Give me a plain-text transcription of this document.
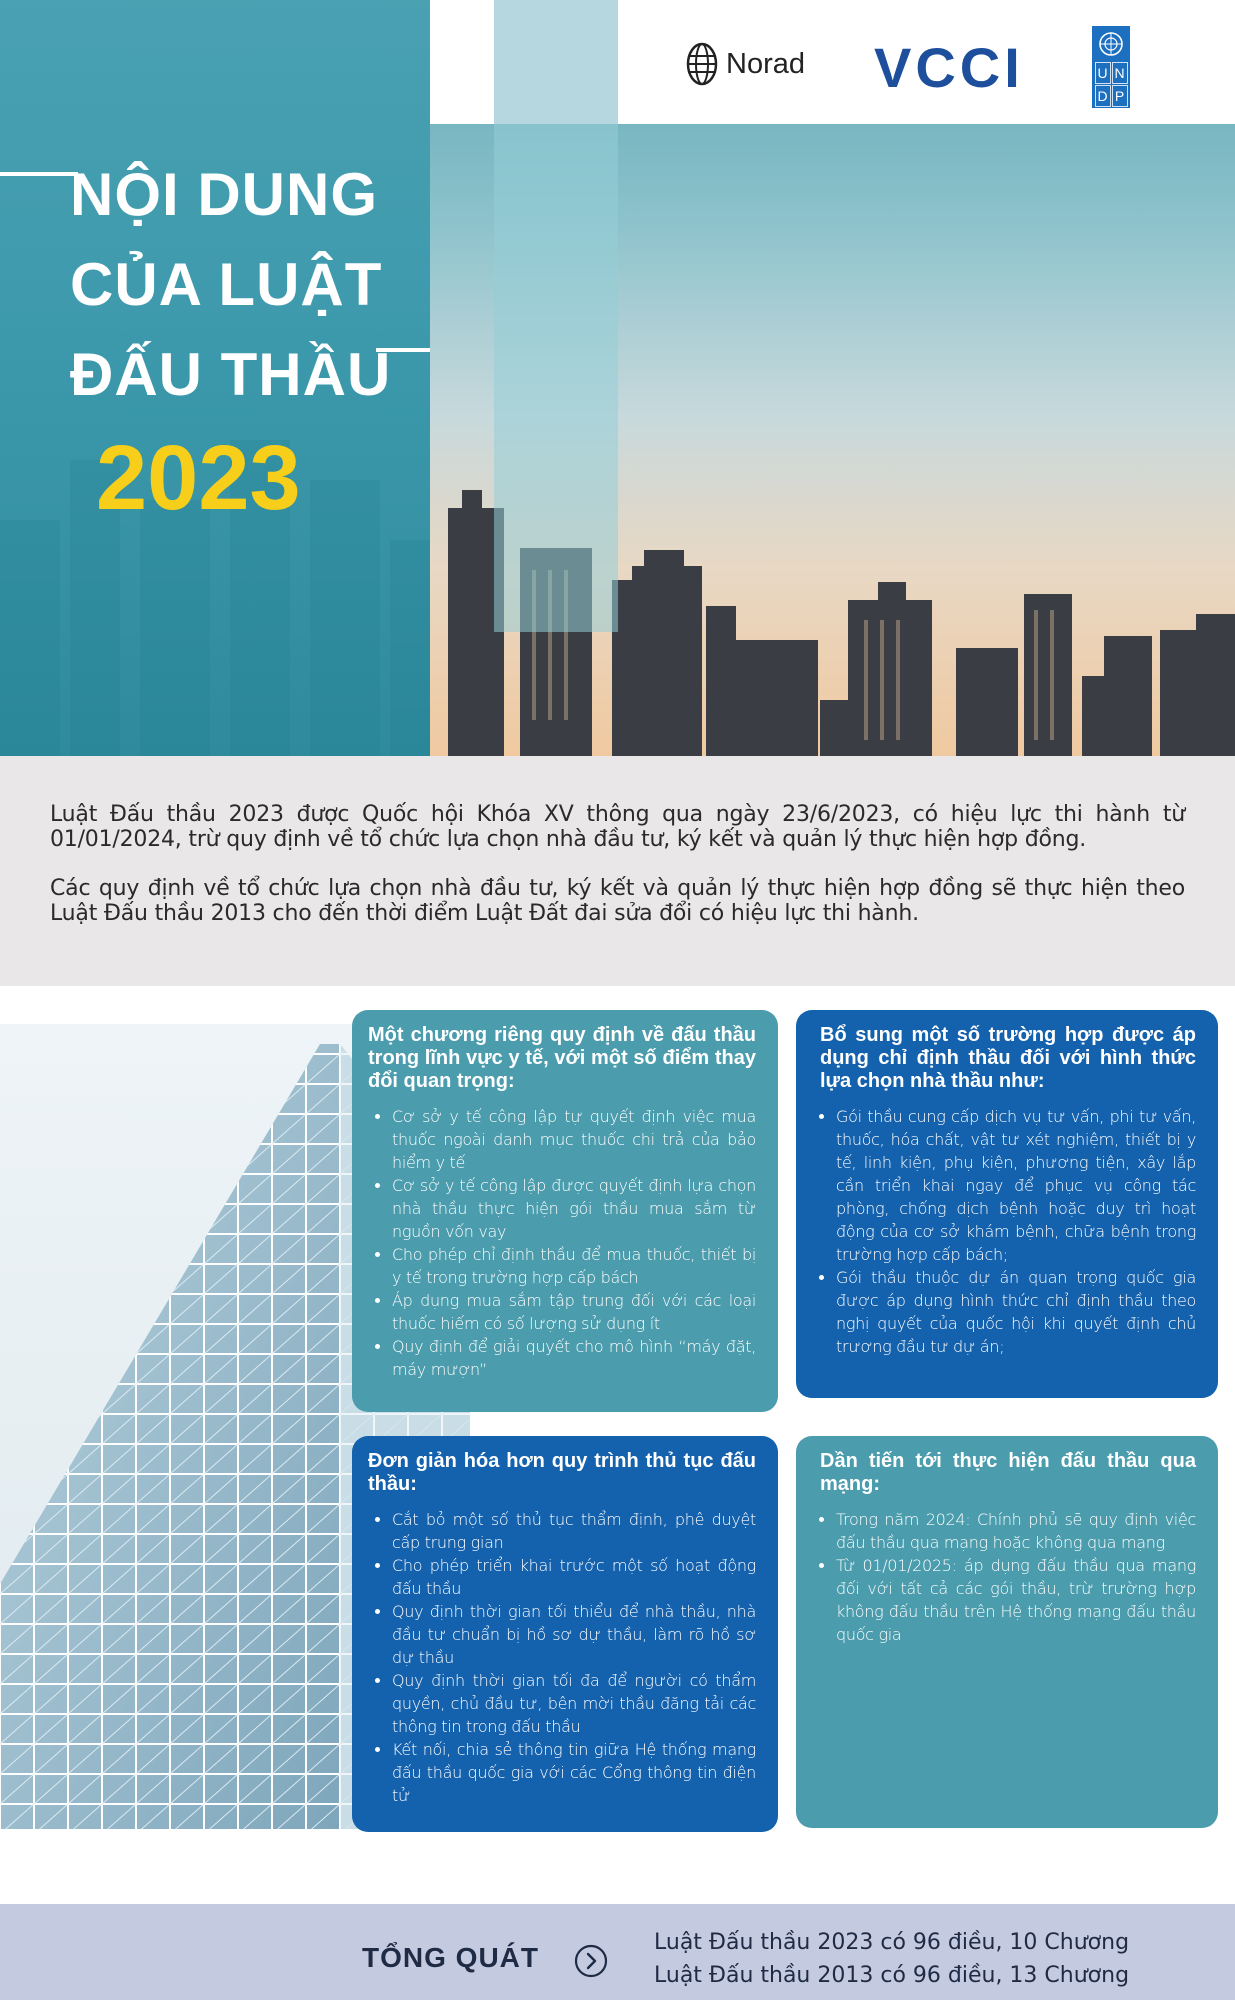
NỘI DUNG
CỦA LUẬT
ĐẤU THẦU
2023
Norad VCCI	U N
D P

Luật Đấu thầu 2023 được Quốc hội Khóa XV thông qua ngày 23/6/2023, có hiệu lực thi hành từ 01/01/2024, trừ quy định về tổ chức lựa chọn nhà đầu tư, ký kết và quản lý thực hiện hợp đồng.

Các quy định về tổ chức lựa chọn nhà đầu tư, ký kết và quản lý thực hiện hợp đồng sẽ thực hiện theo Luật Đấu thầu 2013 cho đến thời điểm Luật Đất đai sửa đổi có hiệu lực thi hành.

Một chương riêng quy định về đấu thầu trong lĩnh vực y tế, với một số điểm thay đổi quan trọng:
• Cơ sở y tế công lập tự quyết định việc mua thuốc ngoài danh mục thuốc chi trả của bảo hiểm y tế
• Cơ sở y tế công lập được quyết định lựa chọn nhà thầu thực hiện gói thầu mua sắm từ nguồn vốn vay
• Cho phép chỉ định thầu để mua thuốc, thiết bị y tế trong trường hợp cấp bách
• Áp dụng mua sắm tập trung đối với các loại thuốc hiếm có số lượng sử dụng ít
• Quy định để giải quyết cho mô hình “máy đặt, máy mượn”
Bổ sung một số trường hợp được áp dụng chỉ định thầu đối với hình thức lựa chọn nhà thầu như:
• Gói thầu cung cấp dịch vụ tư vấn, phi tư vấn, thuốc, hóa chất, vật tư xét nghiệm, thiết bị y tế, linh kiện, phụ kiện, phương tiện, xây lắp cần triển khai ngay để phục vụ công tác phòng, chống dịch bệnh hoặc duy trì hoạt động của cơ sở khám bệnh, chữa bệnh trong trường hợp cấp bách;
• Gói thầu thuộc dự án quan trọng quốc gia được áp dụng hình thức chỉ định thầu theo nghị quyết của quốc hội khi quyết định chủ trương đầu tư dự án;
Đơn giản hóa hơn quy trình thủ tục đấu thầu:
• Cắt bỏ một số thủ tục thẩm định, phê duyệt cấp trung gian
• Cho phép triển khai trước một số hoạt động đấu thầu
• Quy định thời gian tối thiểu để nhà thầu, nhà đầu tư chuẩn bị hồ sơ dự thầu, làm rõ hồ sơ dự thầu
• Quy định thời gian tối đa để người có thẩm quyền, chủ đầu tư, bên mời thầu đăng tải các thông tin trong đấu thầu
• Kết nối, chia sẻ thông tin giữa Hệ thống mạng đấu thầu quốc gia với các Cổng thông tin điện tử
Dần tiến tới thực hiện đấu thầu qua mạng:
• Trong năm 2024: Chính phủ sẽ quy định việc đấu thầu qua mạng hoặc không qua mạng
• Từ 01/01/2025: áp dụng đấu thầu qua mạng đối với tất cả các gói thầu, trừ trường hợp không đấu thầu trên Hệ thống mạng đấu thầu quốc gia
TỔNG QUÁT	Luật Đấu thầu 2023 có 96 điều, 10 Chương
Luật Đấu thầu 2013 có 96 điều, 13 Chương
